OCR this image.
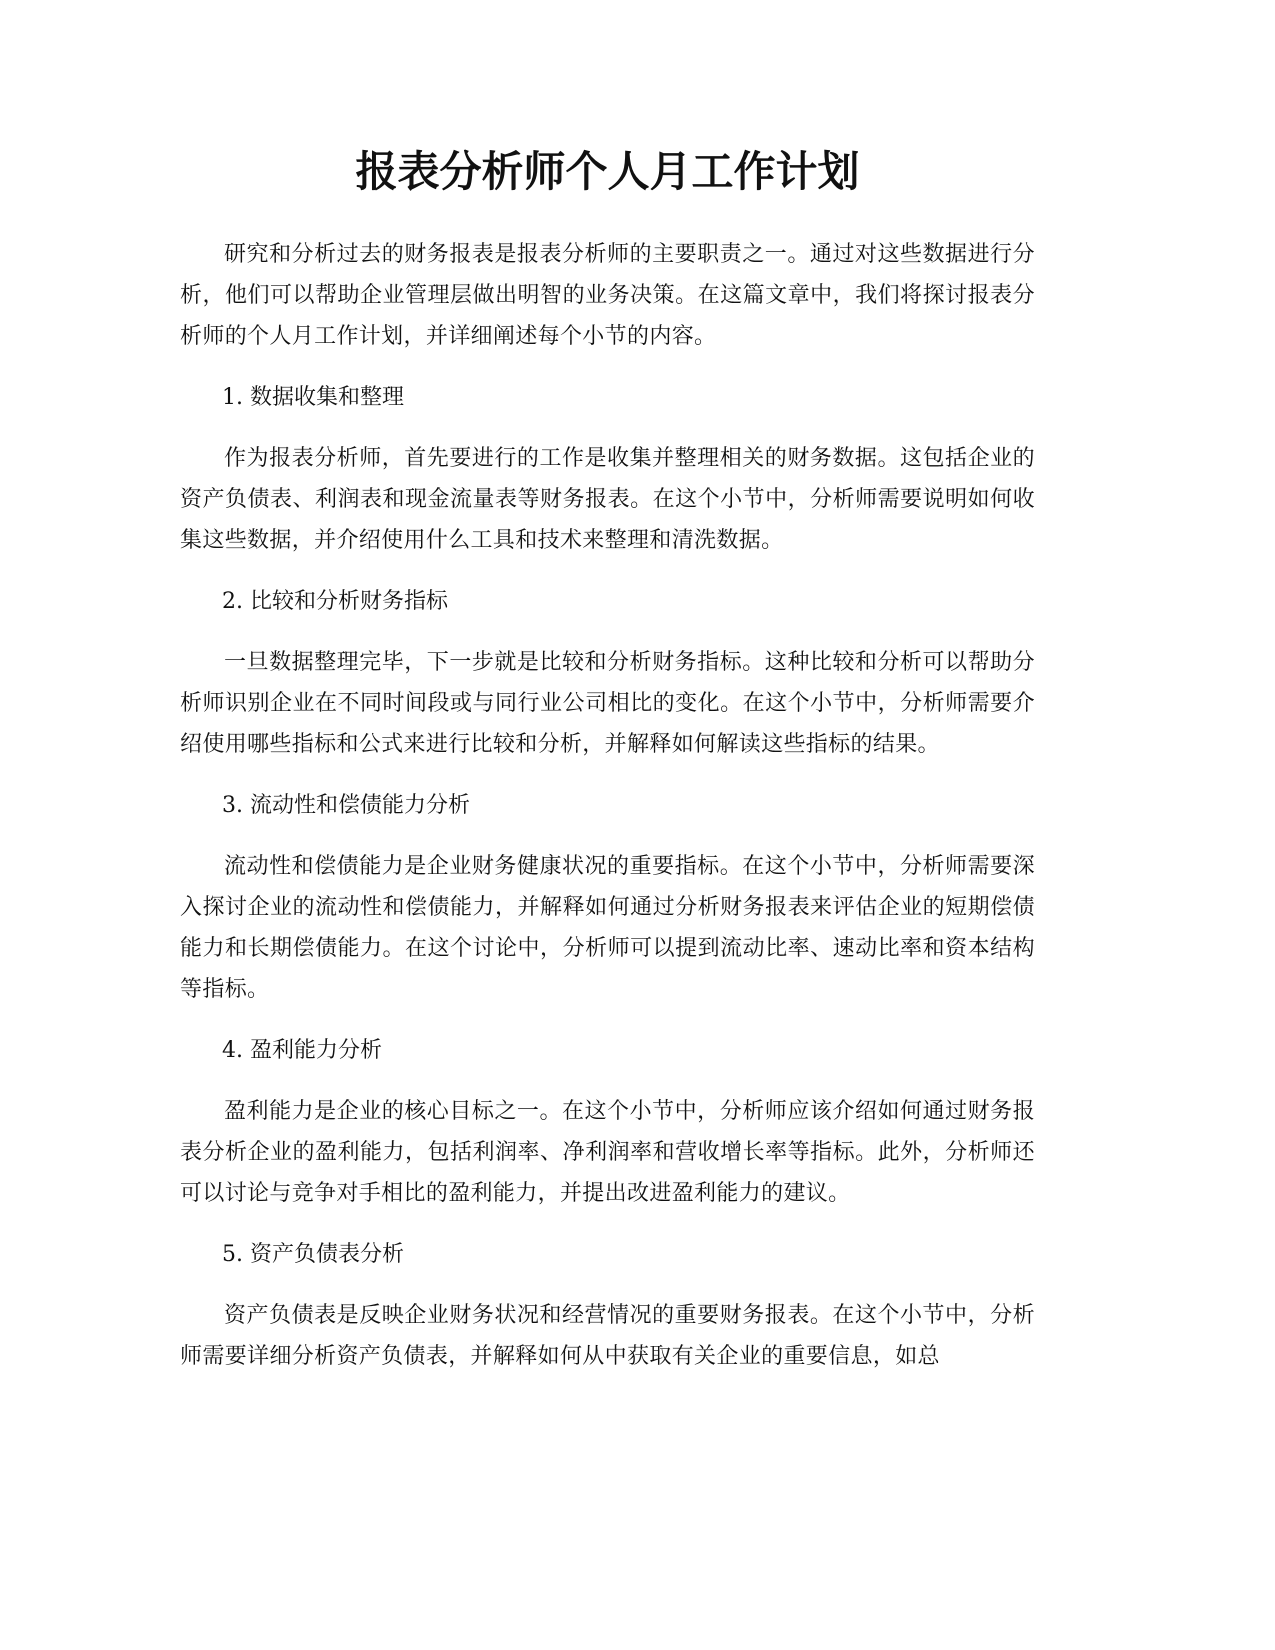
报表分析师个人月工作计划

研究和分析过去的财务报表是报表分析师的主要职责之一。通过对这些数据进行分析，他们可以帮助企业管理层做出明智的业务决策。在这篇文章中，我们将探讨报表分析师的个人月工作计划，并详细阐述每个小节的内容。

1. 数据收集和整理

作为报表分析师，首先要进行的工作是收集并整理相关的财务数据。这包括企业的资产负债表、利润表和现金流量表等财务报表。在这个小节中，分析师需要说明如何收集这些数据，并介绍使用什么工具和技术来整理和清洗数据。

2. 比较和分析财务指标

一旦数据整理完毕，下一步就是比较和分析财务指标。这种比较和分析可以帮助分析师识别企业在不同时间段或与同行业公司相比的变化。在这个小节中，分析师需要介绍使用哪些指标和公式来进行比较和分析，并解释如何解读这些指标的结果。

3. 流动性和偿债能力分析

流动性和偿债能力是企业财务健康状况的重要指标。在这个小节中，分析师需要深入探讨企业的流动性和偿债能力，并解释如何通过分析财务报表来评估企业的短期偿债能力和长期偿债能力。在这个讨论中，分析师可以提到流动比率、速动比率和资本结构等指标。

4. 盈利能力分析

盈利能力是企业的核心目标之一。在这个小节中，分析师应该介绍如何通过财务报表分析企业的盈利能力，包括利润率、净利润率和营收增长率等指标。此外，分析师还可以讨论与竞争对手相比的盈利能力，并提出改进盈利能力的建议。

5. 资产负债表分析

资产负债表是反映企业财务状况和经营情况的重要财务报表。在这个小节中，分析师需要详细分析资产负债表，并解释如何从中获取有关企业的重要信息，如总
